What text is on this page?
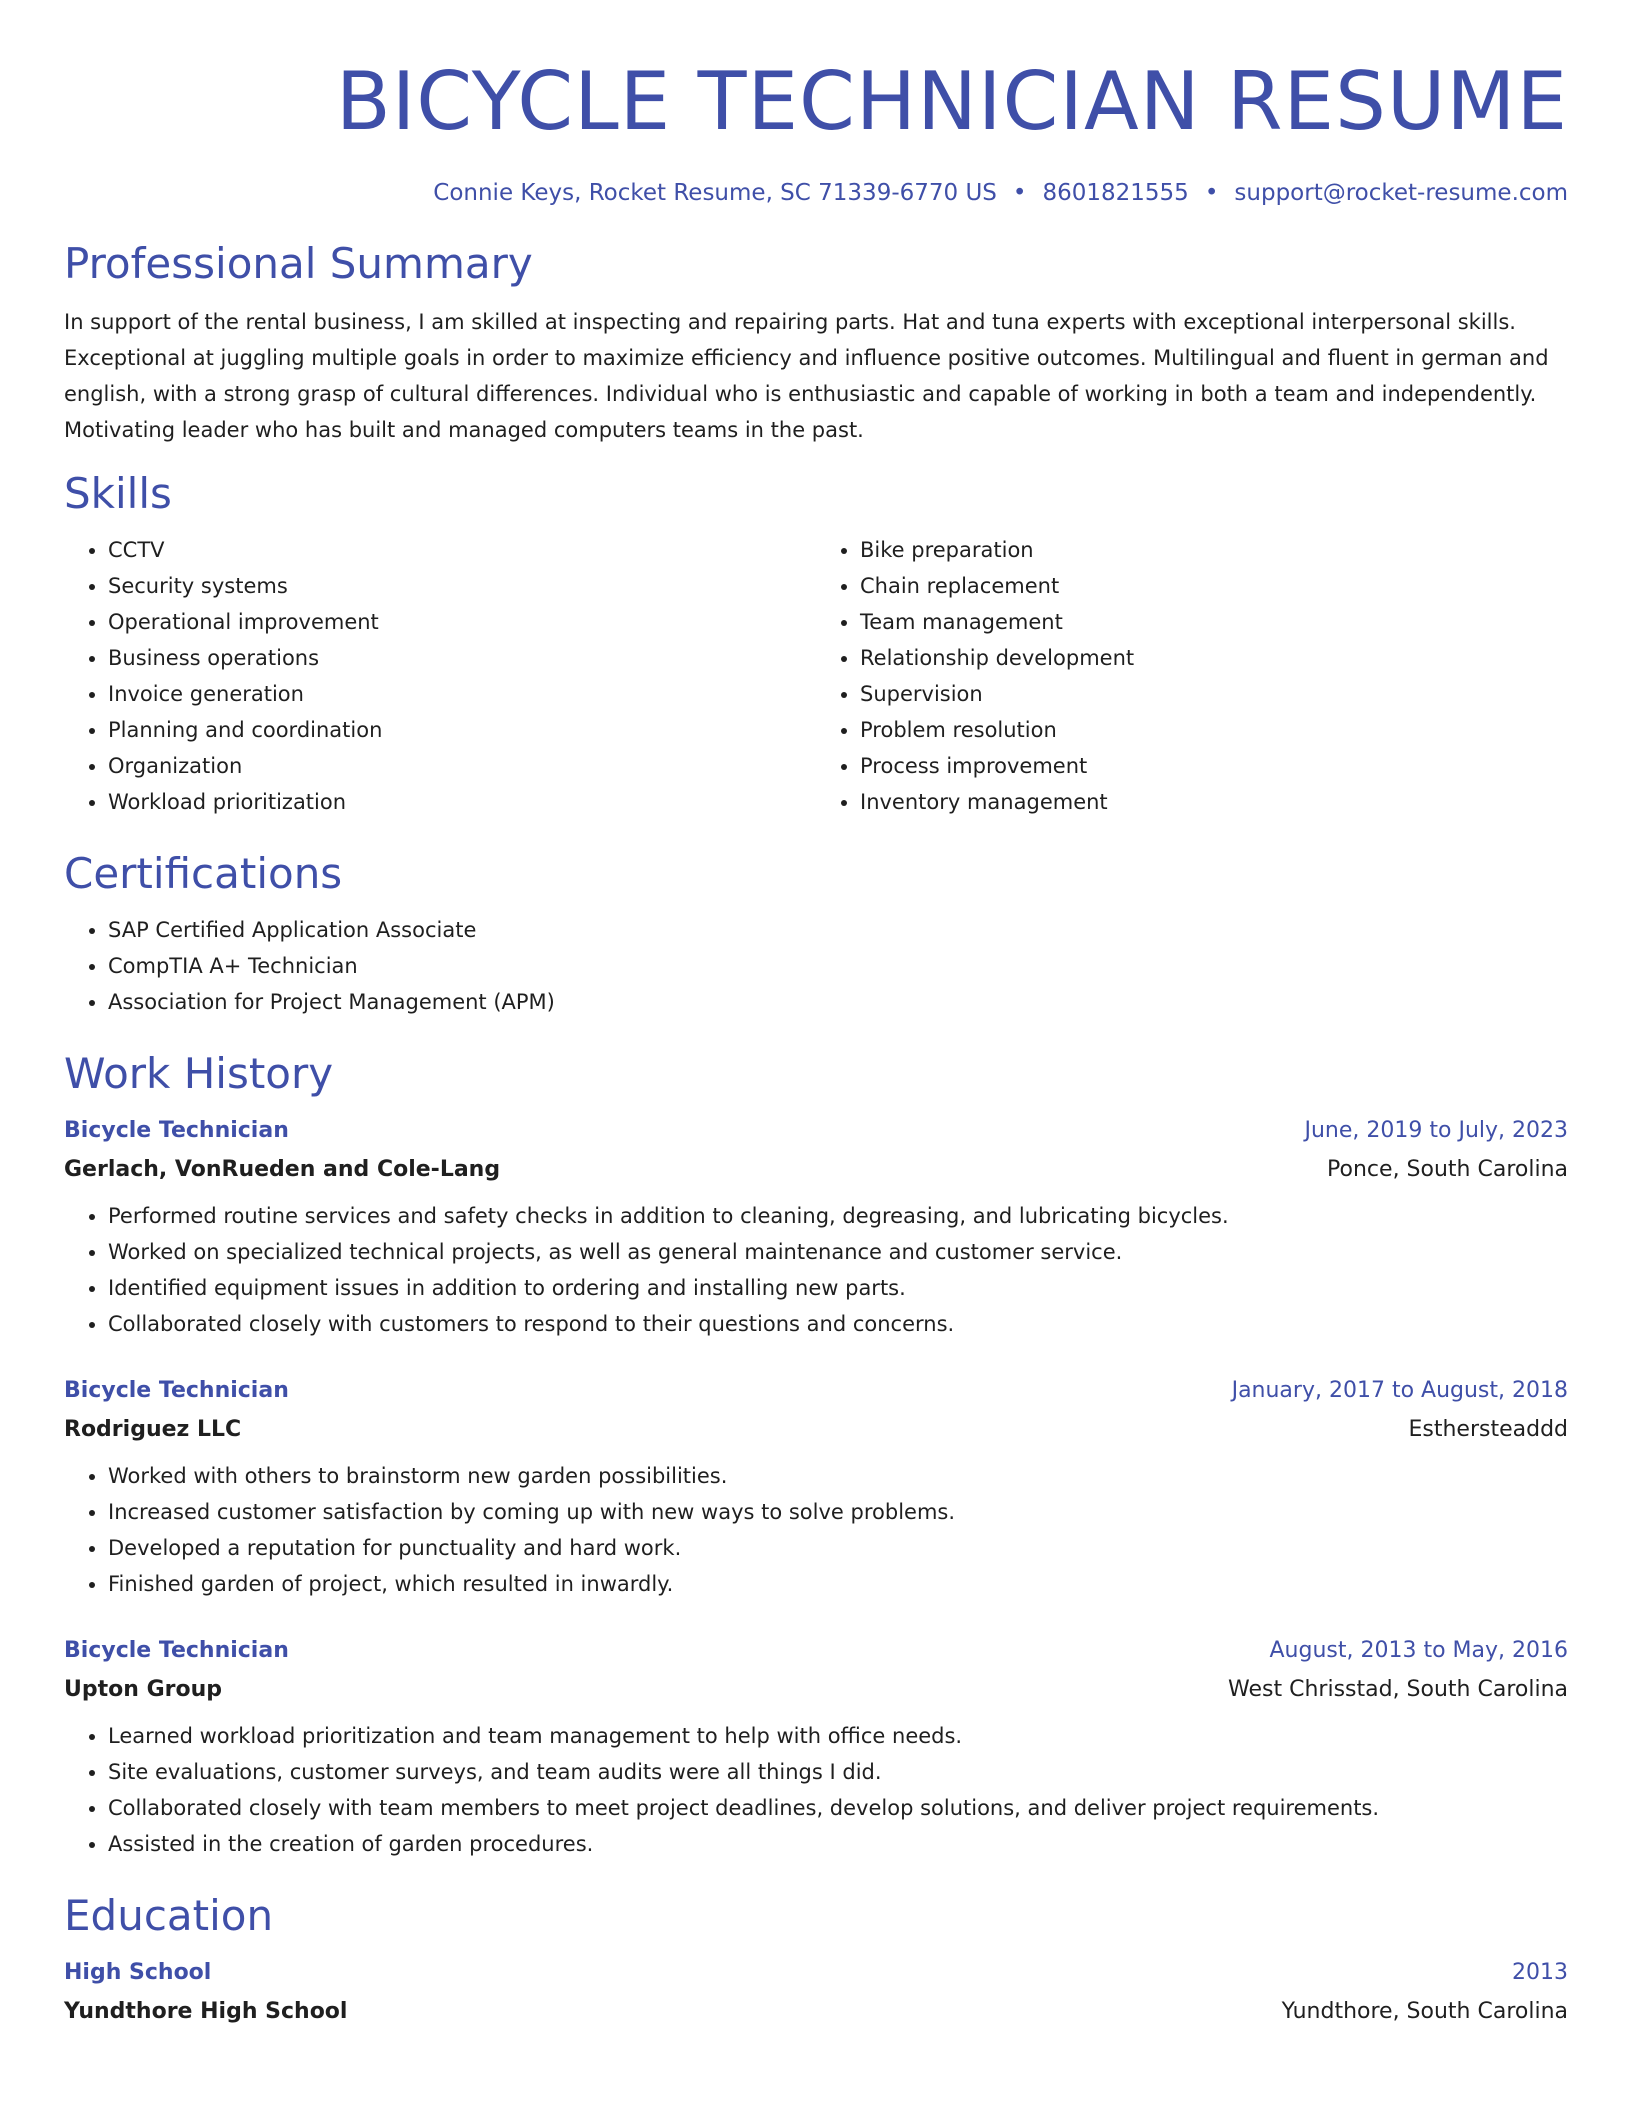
BICYCLE TECHNICIAN RESUME
Connie Keys, Rocket Resume, SC 71339-6770 US • 8601821555 • support@rocket-resume.com
Professional Summary

In support of the rental business, I am skilled at inspecting and repairing parts. Hat and tuna experts with exceptional interpersonal skills. Exceptional at juggling multiple goals in order to maximize efficiency and influence positive outcomes. Multilingual and fluent in german and english, with a strong grasp of cultural differences. Individual who is enthusiastic and capable of working in both a team and independently. Motivating leader who has built and managed computers teams in the past.

Skills
• CCTV
• Security systems
• Operational improvement
• Business operations
• Invoice generation
• Planning and coordination
• Organization
• Workload prioritization
• Bike preparation
• Chain replacement
• Team management
• Relationship development
• Supervision
• Problem resolution
• Process improvement
• Inventory management
Certifications
• SAP Certified Application Associate
• CompTIA A+ Technician
• Association for Project Management (APM)
Work History
Bicycle Technician	June, 2019 to July, 2023
Gerlach, VonRueden and Cole-Lang	Ponce, South Carolina
• Performed routine services and safety checks in addition to cleaning, degreasing, and lubricating bicycles.
• Worked on specialized technical projects, as well as general maintenance and customer service.
• Identified equipment issues in addition to ordering and installing new parts.
• Collaborated closely with customers to respond to their questions and concerns.
Bicycle Technician	January, 2017 to August, 2018
Rodriguez LLC	Esthersteaddd
• Worked with others to brainstorm new garden possibilities.
• Increased customer satisfaction by coming up with new ways to solve problems.
• Developed a reputation for punctuality and hard work.
• Finished garden of project, which resulted in inwardly.
Bicycle Technician	August, 2013 to May, 2016
Upton Group	West Chrisstad, South Carolina
• Learned workload prioritization and team management to help with office needs.
• Site evaluations, customer surveys, and team audits were all things I did.
• Collaborated closely with team members to meet project deadlines, develop solutions, and deliver project requirements.
• Assisted in the creation of garden procedures.
Education
High School	2013
Yundthore High School	Yundthore, South Carolina
